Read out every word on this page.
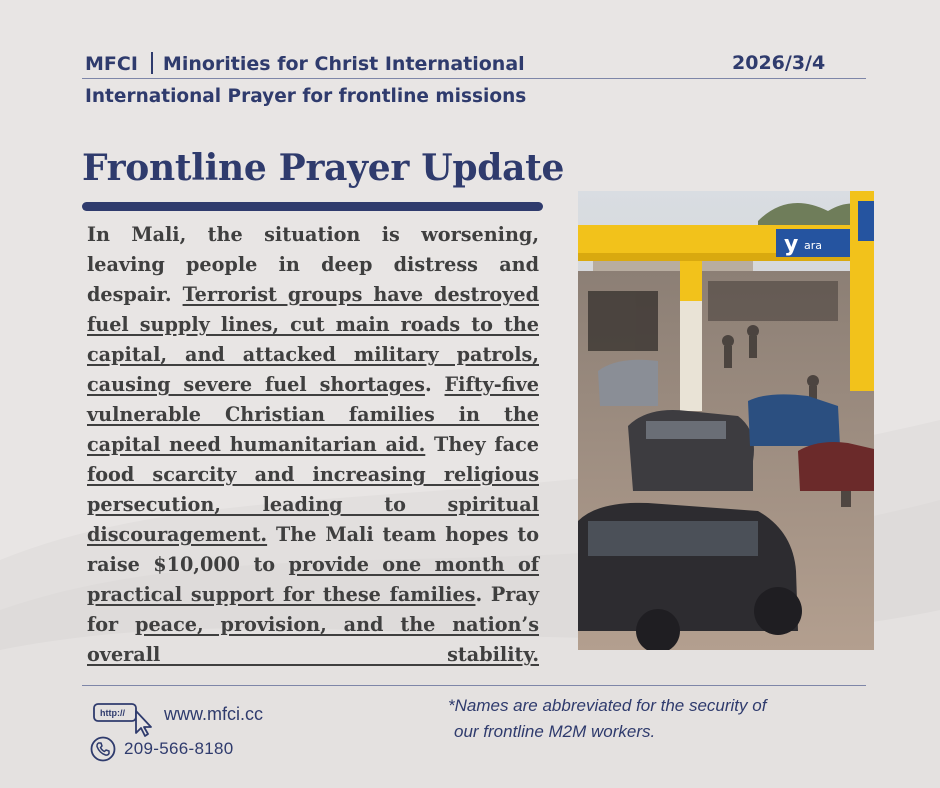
MFCI Minorities for Christ International	2026/3/4
International Prayer for frontline missions
Frontline Prayer Update
In Mali, the situation is worsening, leaving people in deep distress and despair. Terrorist groups have destroyed fuel supply lines, cut main roads to the capital, and attacked military patrols, causing severe fuel shortages. Fifty-five vulnerable Christian families in the capital need humanitarian aid. They face food scarcity and increasing religious persecution, leading to spiritual discouragement. The Mali team hopes to raise $10,000 to provide one month of practical support for these families. Pray for peace, provision, and the nation’s overall stability.
y ara
http:// www.mfci.cc
209-566-8180
*Names are abbreviated for the security of
our frontline M2M workers.
